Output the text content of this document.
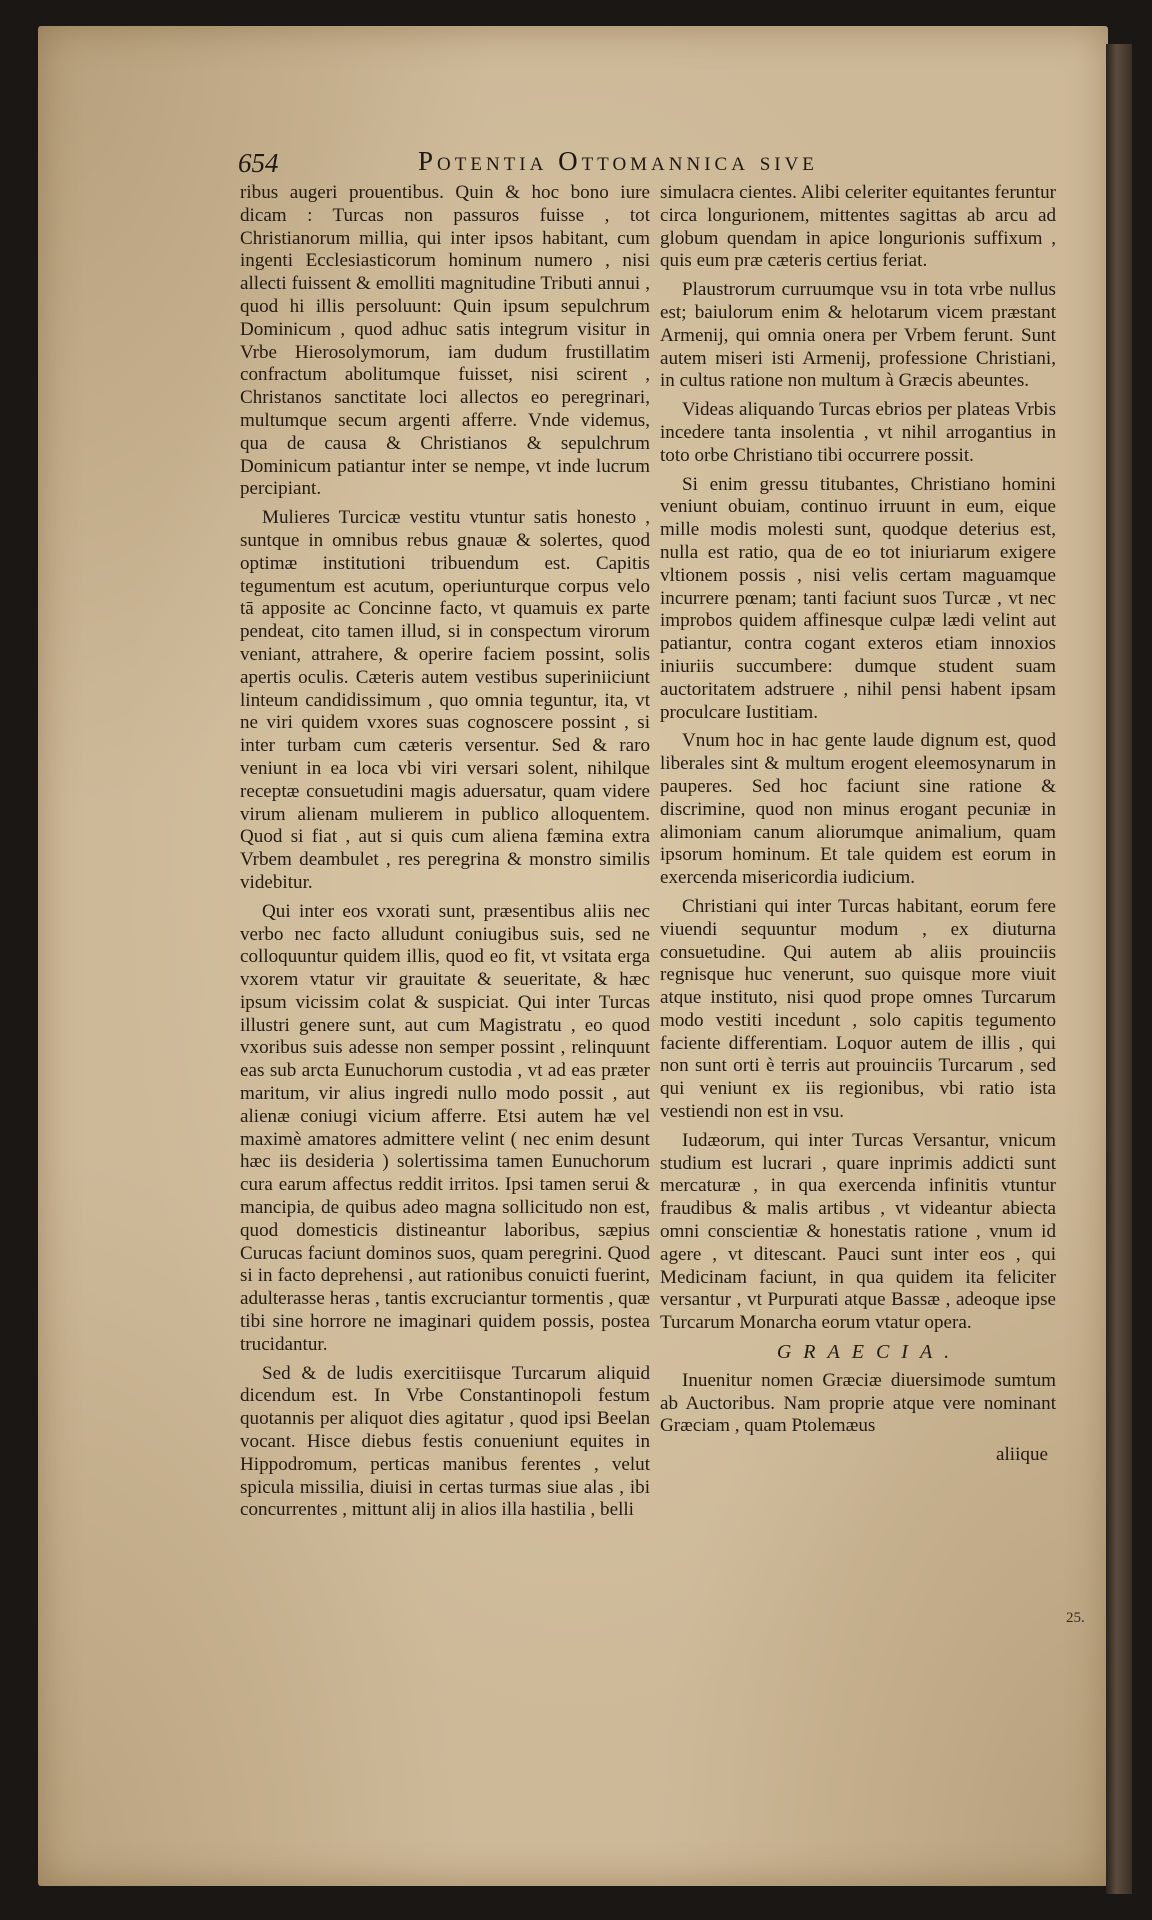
654	Potentia Ottomannica sive

ribus augeri prouentibus. Quin & hoc bono iure dicam : Turcas non passuros fuisse , tot Christianorum millia, qui inter ipsos habitant, cum ingenti Ecclesiasticorum hominum numero , nisi allecti fuissent & emolliti magnitudine Tributi annui , quod hi illis persoluunt: Quin ipsum sepulchrum Dominicum , quod adhuc satis integrum visitur in Vrbe Hierosolymorum, iam dudum frustillatim confractum abolitumque fuisset, nisi scirent , Christanos sanctitate loci allectos eo peregrinari, multumque secum argenti afferre. Vnde videmus, qua de causa & Christianos & sepulchrum Dominicum patiantur inter se nempe, vt inde lucrum percipiant.

Mulieres Turcicæ vestitu vtuntur satis honesto , suntque in omnibus rebus gnauæ & solertes, quod optimæ institutioni tribuendum est. Capitis tegumentum est acutum, operiunturque corpus velo tā apposite ac Concinne facto, vt quamuis ex parte pendeat, cito tamen illud, si in conspectum virorum veniant, attrahere, & operire faciem possint, solis apertis oculis. Cæteris autem vestibus superiniiciunt linteum candidissimum , quo omnia teguntur, ita, vt ne viri quidem vxores suas cognoscere possint , si inter turbam cum cæteris versentur. Sed & raro veniunt in ea loca vbi viri versari solent, nihilque receptæ consuetudini magis aduersatur, quam videre virum alienam mulierem in publico alloquentem. Quod si fiat , aut si quis cum aliena fæmina extra Vrbem deambulet , res peregrina & monstro similis videbitur.

Qui inter eos vxorati sunt, præsentibus aliis nec verbo nec facto alludunt coniugibus suis, sed ne colloquuntur quidem illis, quod eo fit, vt vsitata erga vxorem vtatur vir grauitate & seueritate, & hæc ipsum vicissim colat & suspiciat. Qui inter Turcas illustri genere sunt, aut cum Magistratu , eo quod vxoribus suis adesse non semper possint , relinquunt eas sub arcta Eunuchorum custodia , vt ad eas præter maritum, vir alius ingredi nullo modo possit , aut alienæ coniugi vicium afferre. Etsi autem hæ vel maximè amatores admittere velint ( nec enim desunt hæc iis desideria ) solertissima tamen Eunuchorum cura earum affectus reddit irritos. Ipsi tamen serui & mancipia, de quibus adeo magna sollicitudo non est, quod domesticis distineantur laboribus, sæpius Curucas faciunt dominos suos, quam peregrini. Quod si in facto deprehensi , aut rationibus conuicti fuerint, adulterasse heras , tantis excruciantur tormentis , quæ tibi sine horrore ne imaginari quidem possis, postea trucidantur.

Sed & de ludis exercitiisque Turcarum aliquid dicendum est. In Vrbe Constantinopoli festum quotannis per aliquot dies agitatur , quod ipsi Beelan vocant. Hisce diebus festis conueniunt equites in Hippodromum, perticas manibus ferentes , velut spicula missilia, diuisi in certas turmas siue alas , ibi concurrentes , mittunt alij in alios illa hastilia , belli

simulacra cientes. Alibi celeriter equitantes feruntur circa longurionem, mittentes sagittas ab arcu ad globum quendam in apice longurionis suffixum , quis eum præ cæteris certius feriat.

Plaustrorum curruumque vsu in tota vrbe nullus est; baiulorum enim & helotarum vicem præstant Armenij, qui omnia onera per Vrbem ferunt. Sunt autem miseri isti Armenij, professione Christiani, in cultus ratione non multum à Græcis abeuntes.

Videas aliquando Turcas ebrios per plateas Vrbis incedere tanta insolentia , vt nihil arrogantius in toto orbe Christiano tibi occurrere possit.

Si enim gressu titubantes, Christiano homini veniunt obuiam, continuo irruunt in eum, eique mille modis molesti sunt, quodque deterius est, nulla est ratio, qua de eo tot iniuriarum exigere vltionem possis , nisi velis certam maguamque incurrere pœnam; tanti faciunt suos Turcæ , vt nec improbos quidem affinesque culpæ lædi velint aut patiantur, contra cogant exteros etiam innoxios iniuriis succumbere: dumque student suam auctoritatem adstruere , nihil pensi habent ipsam proculcare Iustitiam.

Vnum hoc in hac gente laude dignum est, quod liberales sint & multum erogent eleemosynarum in pauperes. Sed hoc faciunt sine ratione & discrimine, quod non minus erogant pecuniæ in alimoniam canum aliorumque animalium, quam ipsorum hominum. Et tale quidem est eorum in exercenda misericordia iudicium.

Christiani qui inter Turcas habitant, eorum fere viuendi sequuntur modum , ex diuturna consuetudine. Qui autem ab aliis prouinciis regnisque huc venerunt, suo quisque more viuit atque instituto, nisi quod prope omnes Turcarum modo vestiti incedunt , solo capitis tegumento faciente differentiam. Loquor autem de illis , qui non sunt orti è terris aut prouinciis Turcarum , sed qui veniunt ex iis regionibus, vbi ratio ista vestiendi non est in vsu.

Iudæorum, qui inter Turcas Versantur, vnicum studium est lucrari , quare inprimis addicti sunt mercaturæ , in qua exercenda infinitis vtuntur fraudibus & malis artibus , vt videantur abiecta omni conscientiæ & honestatis ratione , vnum id agere , vt ditescant. Pauci sunt inter eos , qui Medicinam faciunt, in qua quidem ita feliciter versantur , vt Purpurati atque Bassæ , adeoque ipse Turcarum Monarcha eorum vtatur opera.

GRAECIA.

Inuenitur nomen Græciæ diuersimode sumtum ab Auctoribus. Nam proprie atque vere nominant Græciam , quam Ptolemæus

aliique

25.
